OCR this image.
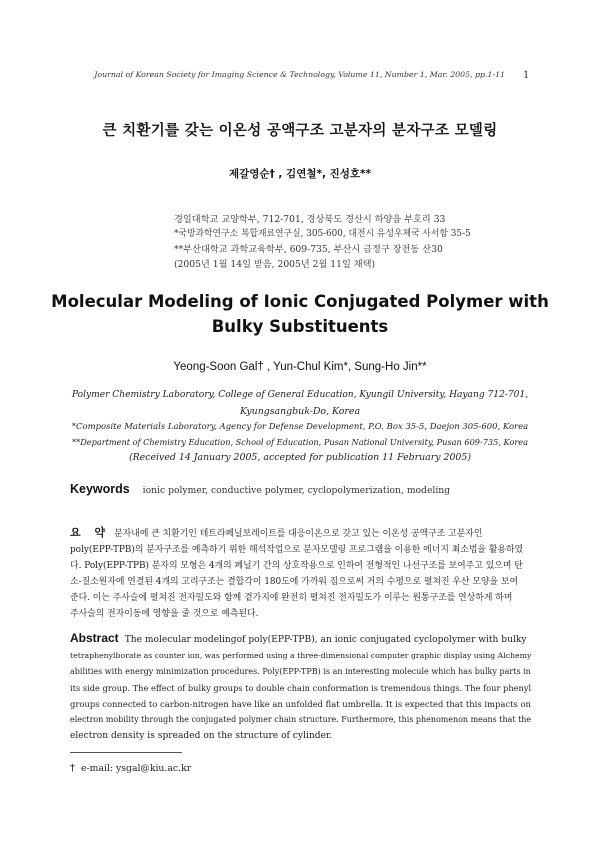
Journal of Korean Society for Imaging Science & Technology, Volume 11, Number 1, Mar. 2005, pp.1-11 1
큰 치환기를 갖는 이온성 공액구조 고분자의 분자구조 모델링
제갈영순† , 김연철*, 진성호**
경일대학교 교양학부, 712-701, 경상북도 경산시 하양읍 부호리 33
*국방과학연구소 복합재료연구실, 305-600, 대전시 유성우체국 사서함 35-5
**부산대학교 과학교육학부, 609-735, 부산시 금정구 장전동 산30
(2005년 1월 14일 받음, 2005년 2월 11일 채택)
Molecular Modeling of Ionic Conjugated Polymer with
Bulky Substituents
Yeong-Soon Gal† , Yun-Chul Kim*, Sung-Ho Jin**
Polymer Chemistry Laboratory, College of General Education, Kyungil University, Hayang 712-701,
Kyungsangbuk-Do, Korea
*Composite Materials Laboratory, Agency for Defense Development, P.O. Box 35-5, Daejon 305-600, Korea
**Department of Chemistry Education, School of Education, Pusan National University, Pusan 609-735, Korea
(Received 14 January 2005, accepted for publication 11 February 2005)
Keywords ionic polymer, conductive polymer, cyclopolymerization, modeling
요 약 분자내에 큰 치환기인 테트라페닐보레이트를 대응이온으로 갖고 있는 이온성 공액구조 고분자인
poly(EPP-TPB)의 분자구조를 예측하기 위한 해석작업으로 분자모델링 프로그램을 이용한 에너지 최소법을 활용하였
다. Poly(EPP-TPB) 분자의 모형은 4개의 페닐기 간의 상호작용으로 인하여 전형적인 나선구조를 보여주고 있으며 탄
소-질소원자에 연결된 4개의 고리구조는 결합각이 180도에 가까워 짐으로써 거의 수평으로 펼쳐진 우산 모양을 보여
준다. 이는 주사슬에 펼쳐진 전자밀도와 함께 곁가지에 완전히 펼쳐진 전자밀도가 이루는 원통구조를 연상하게 하며
주사슬의 전자이동에 영향을 줄 것으로 예측된다.
Abstract The molecular modelingof poly(EPP-TPB), an ionic conjugated cyclopolymer with bulky
tetraphenylborate as counter ion, was performed using a three-dimensional computer graphic display using Alchemy
abilities with energy minimization procedures. Poly(EPP-TPB) is an interesting molecule which has bulky parts in
its side group. The effect of bulky groups to double chain conformation is tremendous things. The four phenyl
groups connected to carbon-nitrogen have like an unfolded flat umbrella. It is expected that this impacts on
electron mobility through the conjugated polymer chain structure. Furthermore, this phenomenon means that the
electron density is spreaded on the structure of cylinder.
† e-mail: ysgal@kiu.ac.kr
